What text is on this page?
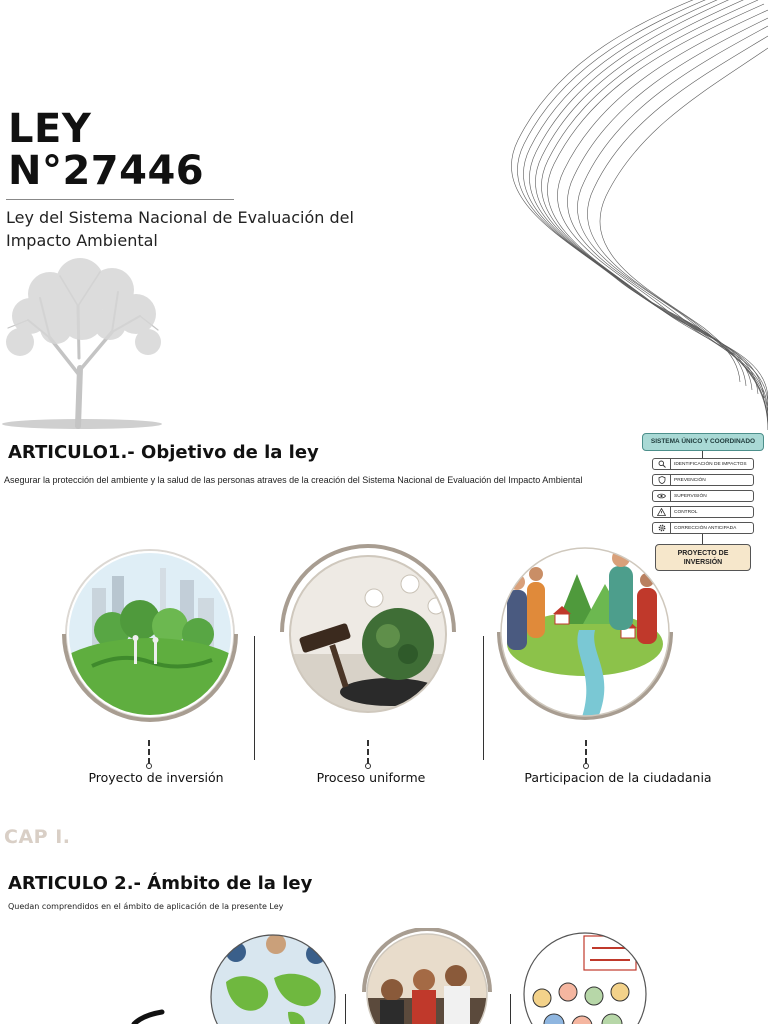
LEY
N°27446
Ley del Sistema Nacional de Evaluación del
Impacto Ambiental
ARTICULO1.- Objetivo de la ley
Asegurar la protección del ambiente y la salud de las personas atraves de la creación del Sistema Nacional de Evaluación del Impacto Ambiental
SISTEMA ÚNICO Y COORDINADO
IDENTIFICACIÓN DE IMPACTOS
PREVENCIÓN
SUPERVISIÓN
CONTROL
CORRECCIÓN ANTICIPADA
PROYECTO DE
INVERSIÓN
Proyecto de inversión	Proceso uniforme	Participacion de la ciudadania
CAP I.
ARTICULO 2.- Ámbito de la ley
Quedan comprendidos en el ámbito de aplicación de la presente Ley
